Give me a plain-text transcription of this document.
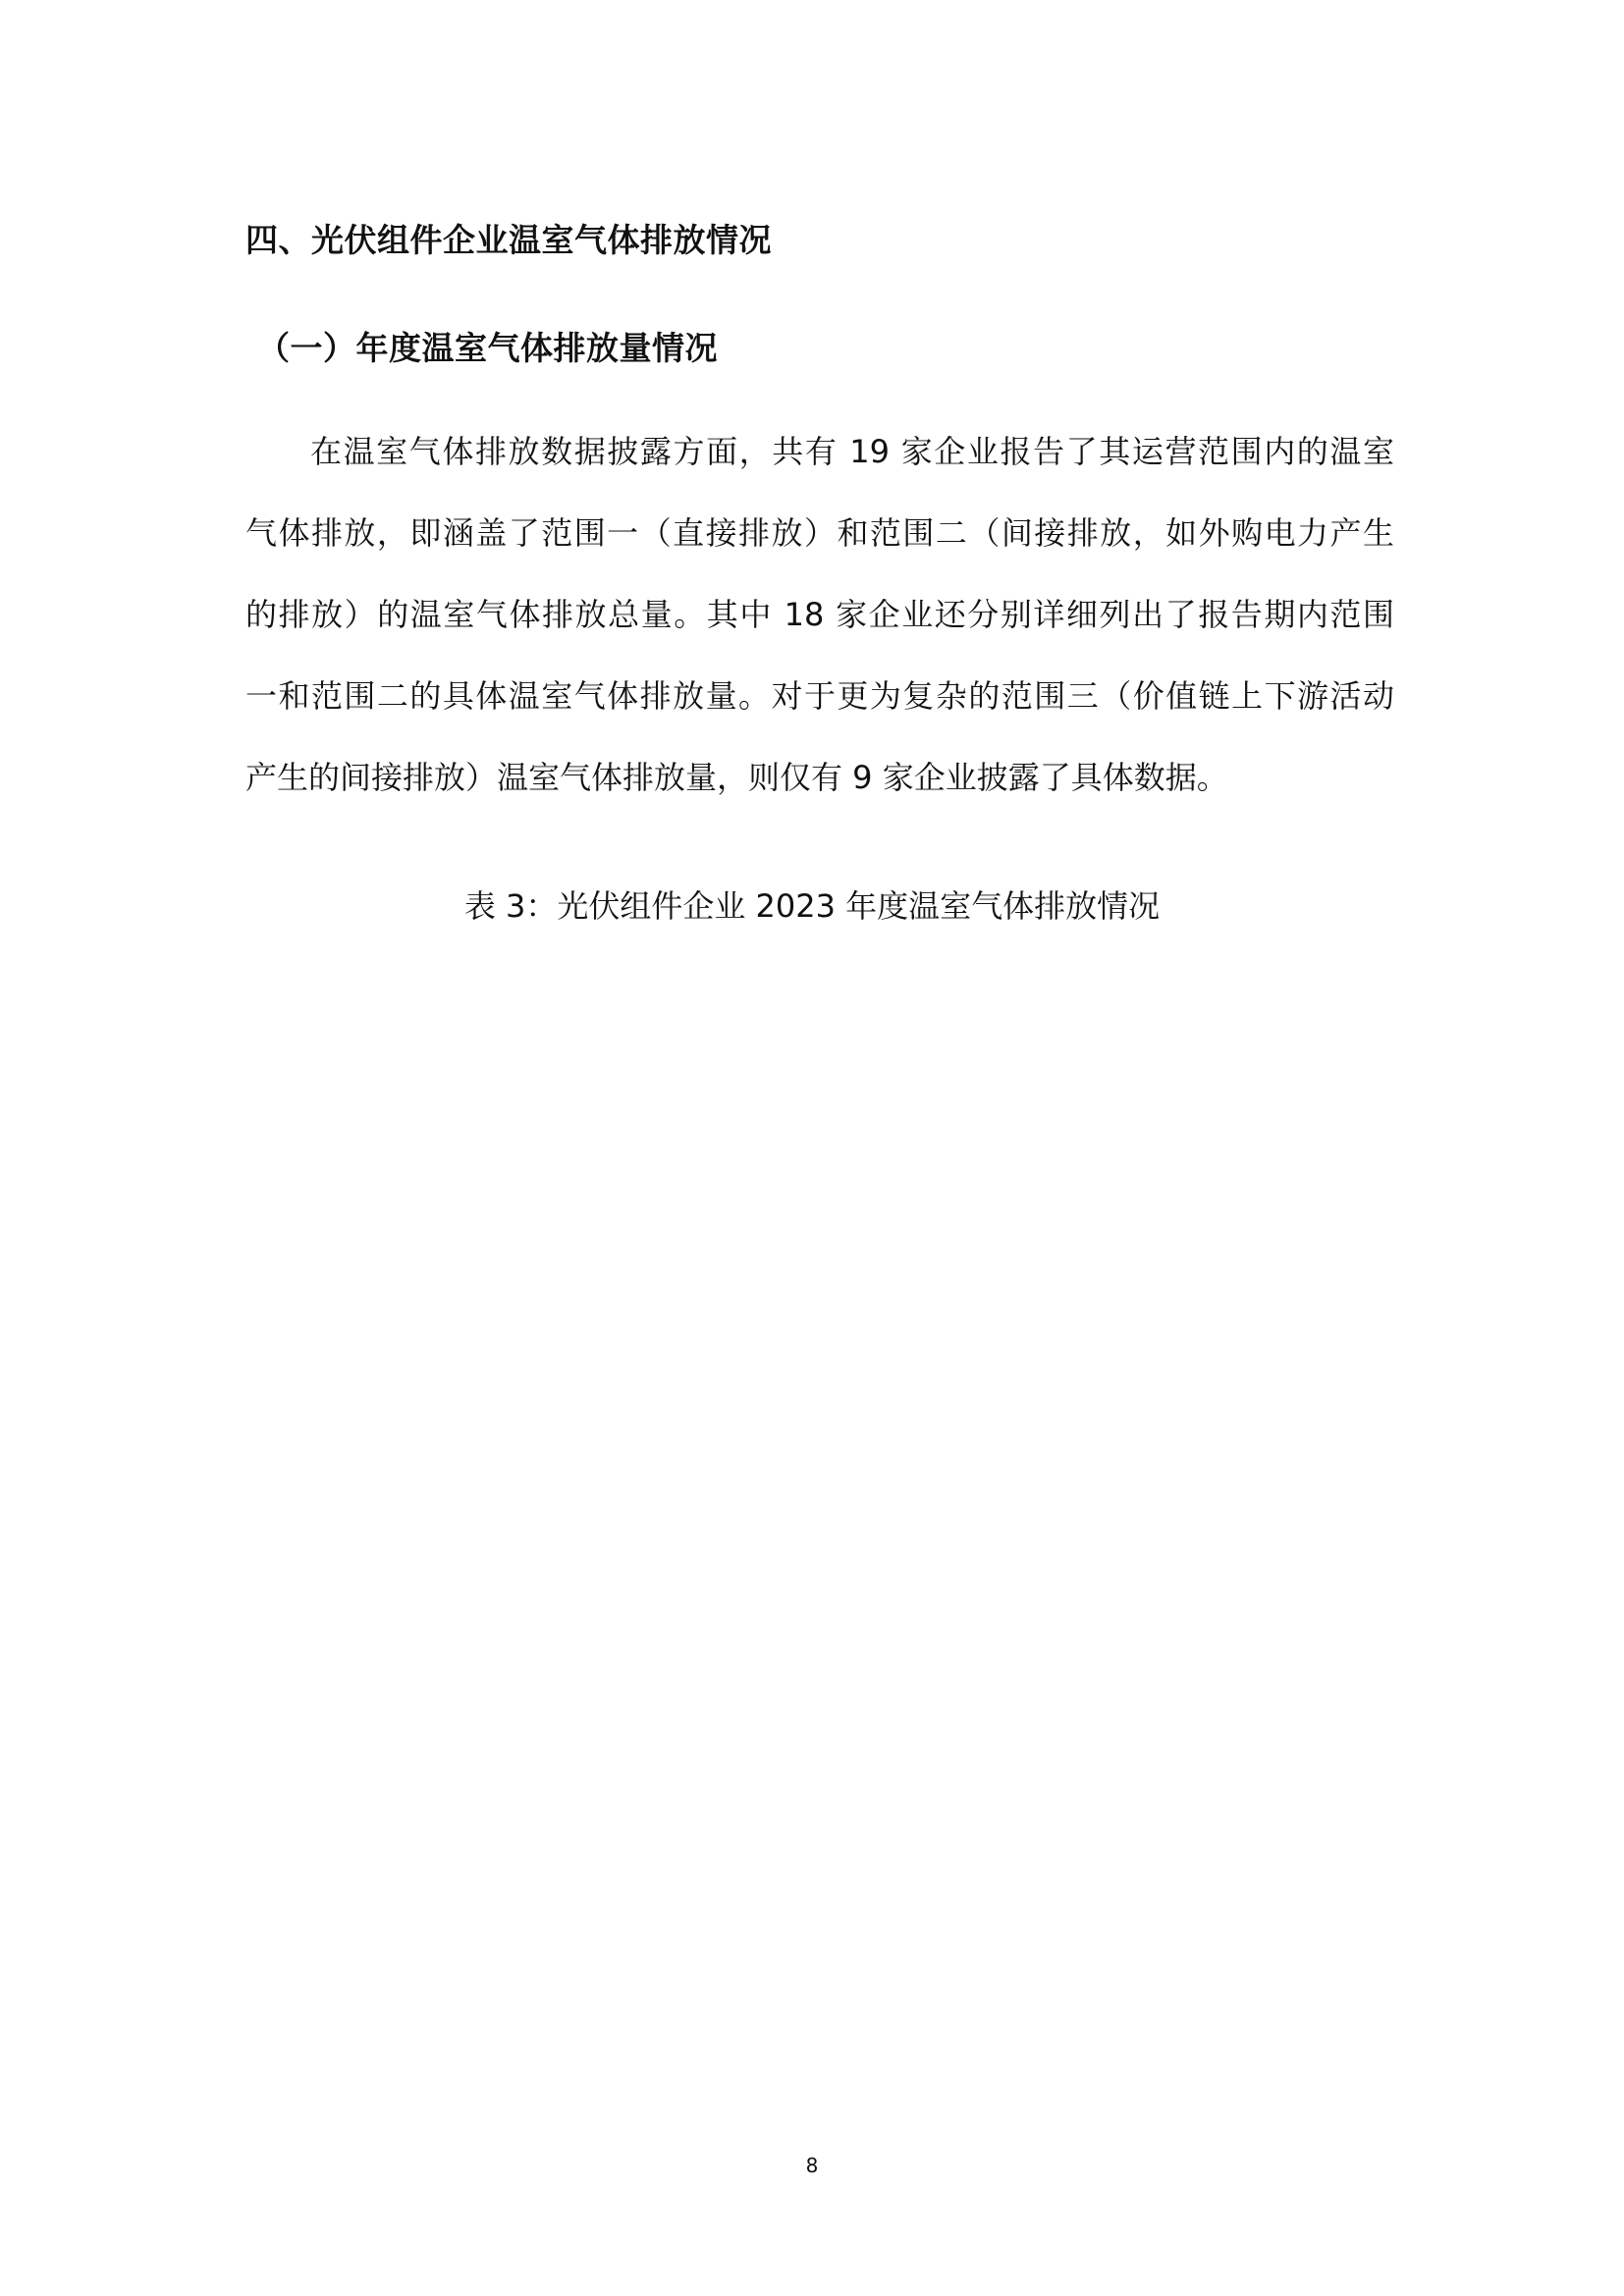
四、光伏组件企业温室气体排放情况
（一）年度温室气体排放量情况

在温室气体排放数据披露方面，共有 19 家企业报告了其运营范围内的温室
气体排放，即涵盖了范围一（直接排放）和范围二（间接排放，如外购电力产生
的排放）的温室气体排放总量。其中 18 家企业还分别详细列出了报告期内范围
一和范围二的具体温室气体排放量。对于更为复杂的范围三（价值链上下游活动
产生的间接排放）温室气体排放量，则仅有 9 家企业披露了具体数据。

表 3：光伏组件企业 2023 年度温室气体排放情况

8
